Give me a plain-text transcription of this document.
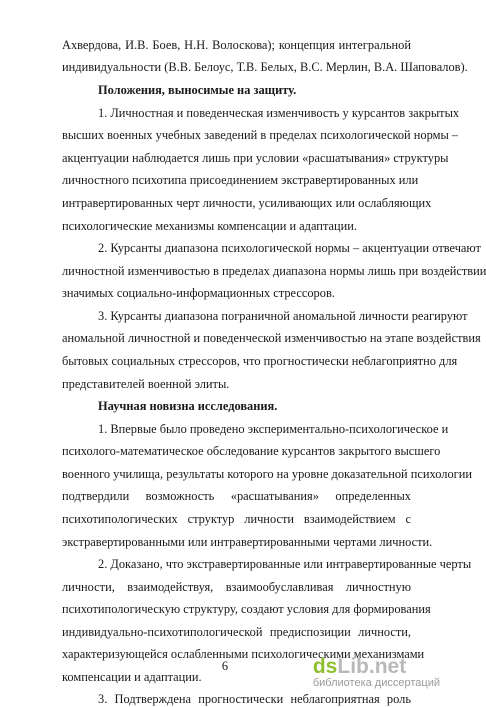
Ахвердова, И.В. Боев, Н.Н. Волоскова); концепция интегральной
индивидуальности (В.В. Белоус, Т.В. Белых, В.С. Мерлин, В.А. Шаповалов).
Положения, выносимые на защиту.
1. Личностная и поведенческая изменчивость у курсантов закрытых
высших военных учебных заведений в пределах психологической нормы –
акцентуации наблюдается лишь при условии «расшатывания» структуры
личностного психотипа присоединением экстравертированных или
интравертированных черт личности, усиливающих или ослабляющих
психологические механизмы компенсации и адаптации.
2. Курсанты диапазона психологической нормы – акцентуации отвечают
личностной изменчивостью в пределах диапазона нормы лишь при воздействии
значимых социально-информационных стрессоров.
3. Курсанты диапазона пограничной аномальной личности реагируют
аномальной личностной и поведенческой изменчивостью на этапе воздействия
бытовых социальных стрессоров, что прогностически неблагоприятно для
представителей военной элиты.
Научная новизна исследования.
1. Впервые было проведено экспериментально-психологическое и
психолого-математическое обследование курсантов закрытого высшего
военного училища, результаты которого на уровне доказательной психологии
подтвердили возможность «расшатывания» определенных
психотипологических структур личности взаимодействием с
экстравертированными или интравертированными чертами личности.
2. Доказано, что экстравертированные или интравертированные черты
личности, взаимодействуя, взаимообуславливая личностную
психотипологическую структуру, создают условия для формирования
индивидуально-психотипологической предиспозиции личности,
характеризующейся ослабленными психологическими механизмами
компенсации и адаптации.
3. Подтверждена прогностически неблагоприятная роль
6	ds Lib.net
библиотека диссертаций
